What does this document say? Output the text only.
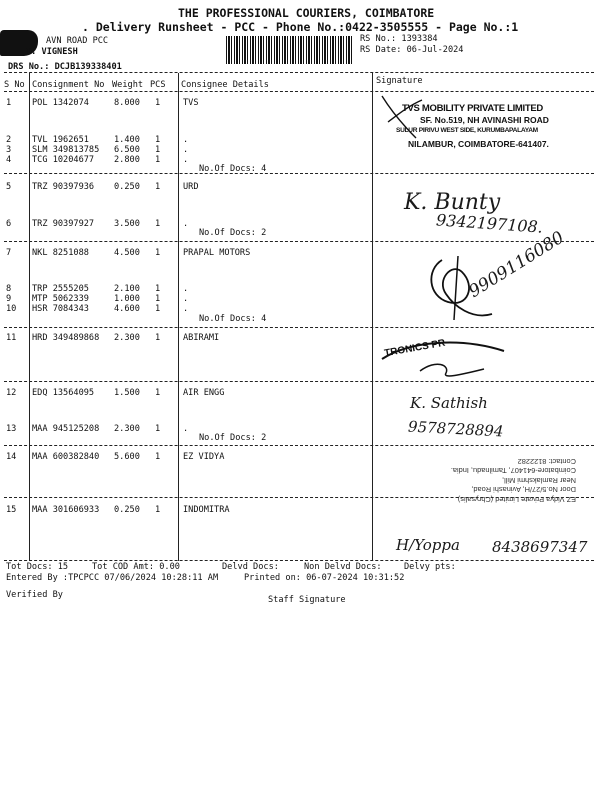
THE PROFESSIONAL COURIERS, COIMBATORE
. Delivery Runsheet - PCC - Phone No.:0422-3505555 - Page No.:1
AVN ROAD PCC
T: VIGNESH
RS No.: 1393384
RS Date: 06-Jul-2024
DRS No.: DCJB139338401
S No Consignment No Weight PCS Consignee Details	Signature
1 POL 1342074	8.000 1	TVS
2 TVL 1962651	1.400 1	.
3 SLM 349813785 6.500 1	.
4 TCG 10204677 2.800 1	.
No.Of Docs: 4
5 TRZ 90397936 0.250 1	URD
6 TRZ 90397927 3.500 1	.
No.Of Docs: 2
7 NKL 8251088	4.500 1	PRAPAL MOTORS
8 TRP 2555205	2.100 1	.
9 MTP 5062339	1.000 1	.
10 HSR 7084343	4.600 1	.
No.Of Docs: 4
11 HRD 349489868 2.300 1	ABIRAMI
12 EDQ 13564095 1.500 1	AIR ENGG
13 MAA 945125208 2.300 1	.
No.Of Docs: 2
14 MAA 600382840 5.600 1	EZ VIDYA
15 MAA 301606933 0.250 1	INDOMITRA
TVS MOBILITY PRIVATE LIMITED
SF. No.519, NH AVINASHI ROAD
SULUR PIRIVU WEST SIDE, KURUMBAPALAYAM
NILAMBUR, COIMBATORE-641407.
K. Bunty
9342197108.
9909116080
TRONICS PR
K. Sathish
9578728894
EZ Vidya Private Limited (Chrysalis)
Door No.5/27/H, Avinashi Road,
Near Ramlakshmi Mill,
Coimbatore-641407, Tamilnadu, India.
Contact: 8122282
H/Yoppa 8438697347
Tot Docs: 15	Tot COD Amt: 0.00	Delvd Docs:	Non Delvd Docs:	Delvy pts:
Entered By :TPCPCC 07/06/2024 10:28:11 AM	Printed on: 06-07-2024 10:31:52
Verified By	Staff Signature
